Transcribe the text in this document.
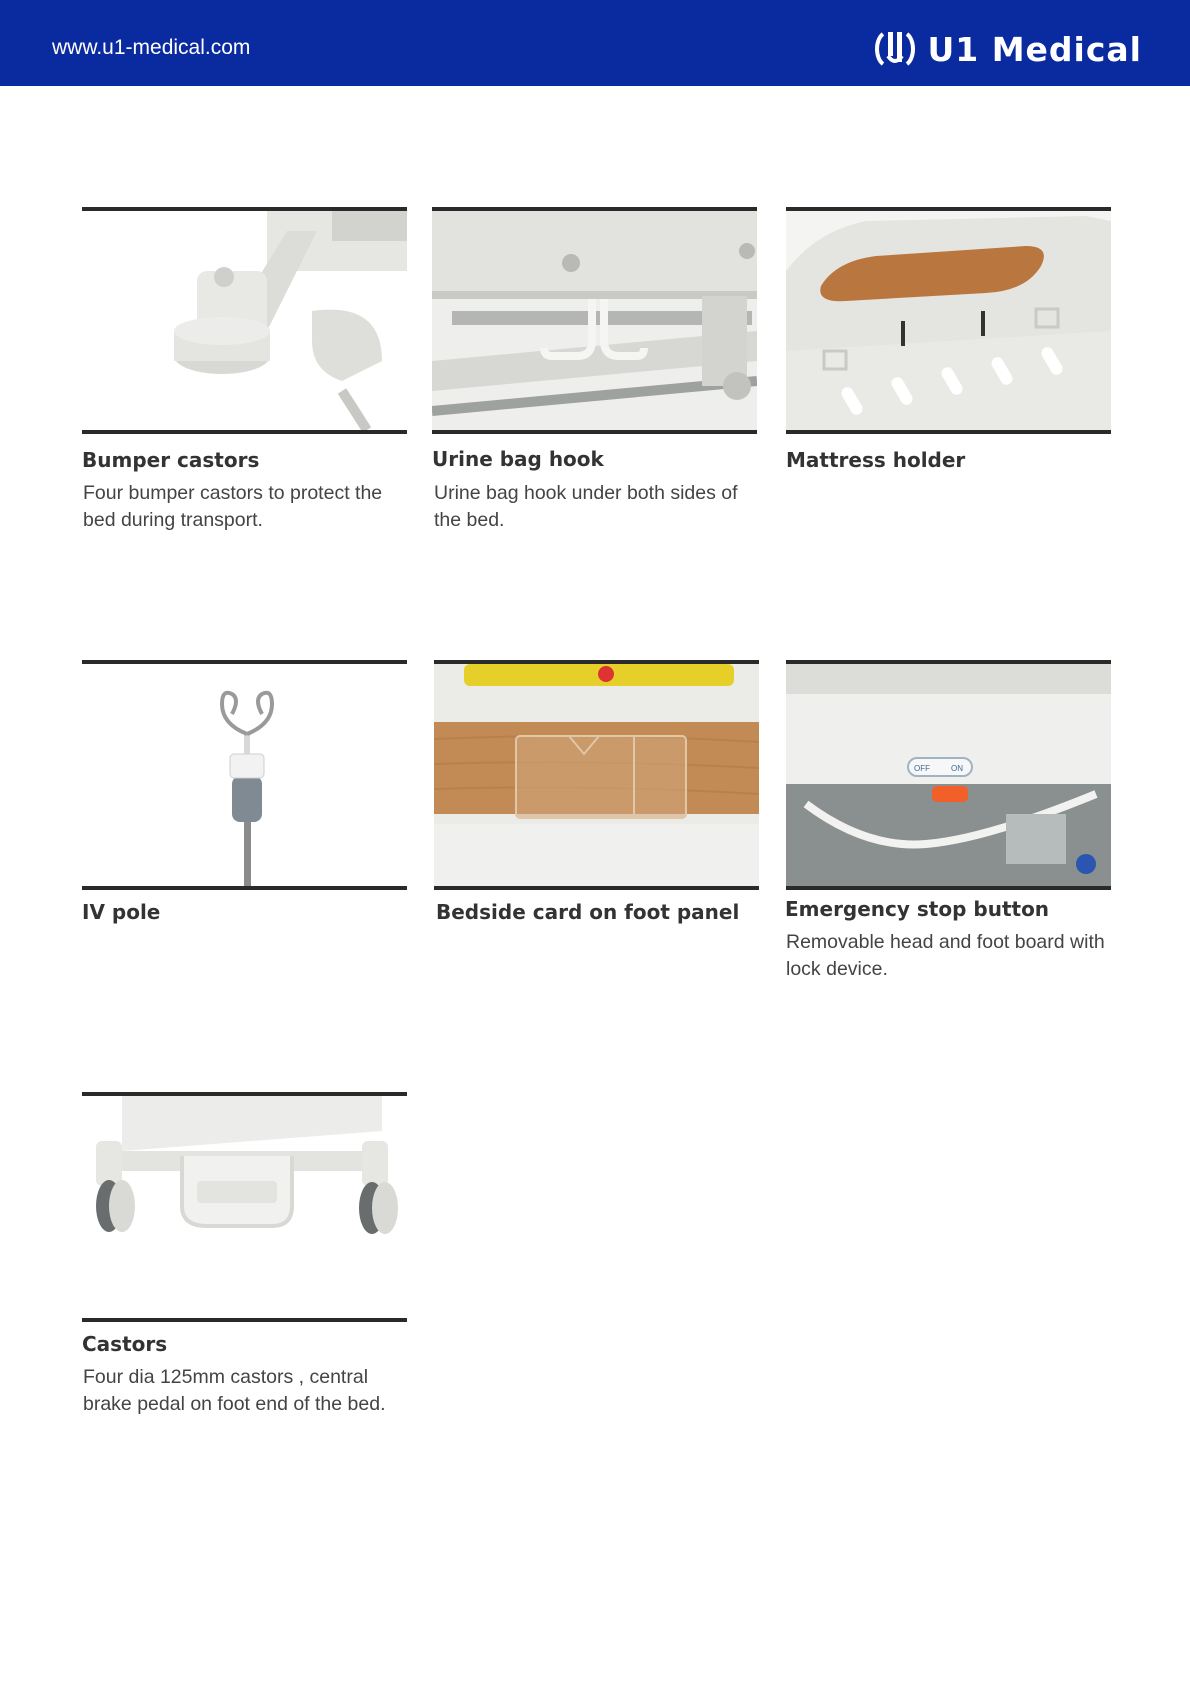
www.u1-medical.com	U1 Medical
Bumper castors
Four bumper castors to protect the bed during transport.
Urine bag hook
Urine bag hook under both sides of the bed.
Mattress holder
IV pole	Bedside card on foot panel
OFF	ON
Emergency stop button
Removable head and foot board with lock device.
Castors
Four dia 125mm castors , central brake pedal on foot end of the bed.
